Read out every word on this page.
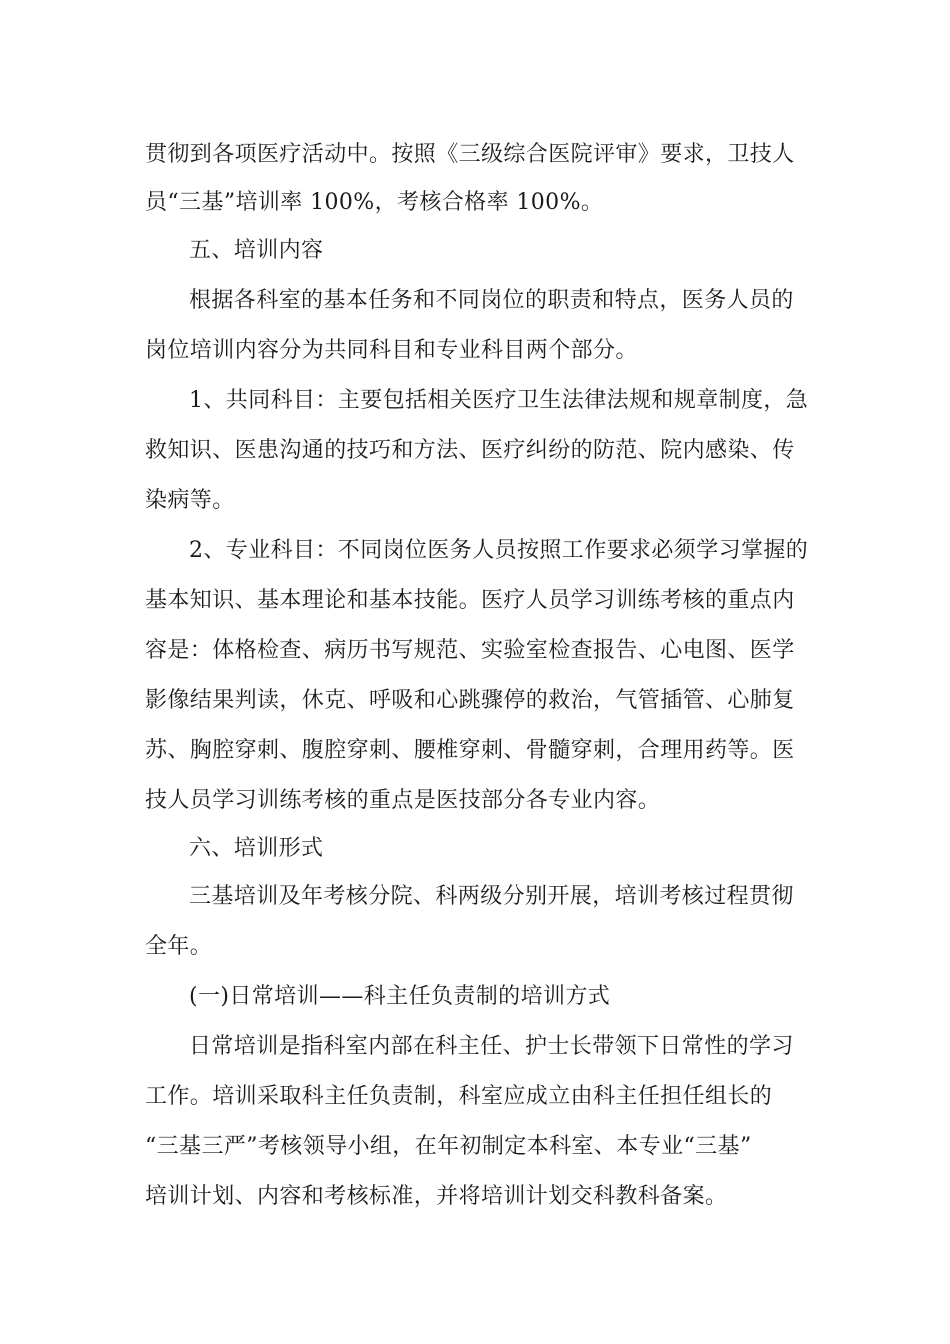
贯彻到各项医疗活动中。按照《三级综合医院评审》要求，卫技人
员“三基”培训率 100%，考核合格率 100%。
五、培训内容
根据各科室的基本任务和不同岗位的职责和特点，医务人员的
岗位培训内容分为共同科目和专业科目两个部分。
1、共同科目：主要包括相关医疗卫生法律法规和规章制度，急
救知识、医患沟通的技巧和方法、医疗纠纷的防范、院内感染、传
染病等。
2、专业科目：不同岗位医务人员按照工作要求必须学习掌握的
基本知识、基本理论和基本技能。医疗人员学习训练考核的重点内
容是：体格检查、病历书写规范、实验室检查报告、心电图、医学
影像结果判读，休克、呼吸和心跳骤停的救治，气管插管、心肺复
苏、胸腔穿刺、腹腔穿刺、腰椎穿刺、骨髓穿刺，合理用药等。医
技人员学习训练考核的重点是医技部分各专业内容。
六、培训形式
三基培训及年考核分院、科两级分别开展，培训考核过程贯彻
全年。
(一)日常培训——科主任负责制的培训方式
日常培训是指科室内部在科主任、护士长带领下日常性的学习
工作。培训采取科主任负责制，科室应成立由科主任担任组长的
“三基三严”考核领导小组，在年初制定本科室、本专业“三基”
培训计划、内容和考核标准，并将培训计划交科教科备案。
